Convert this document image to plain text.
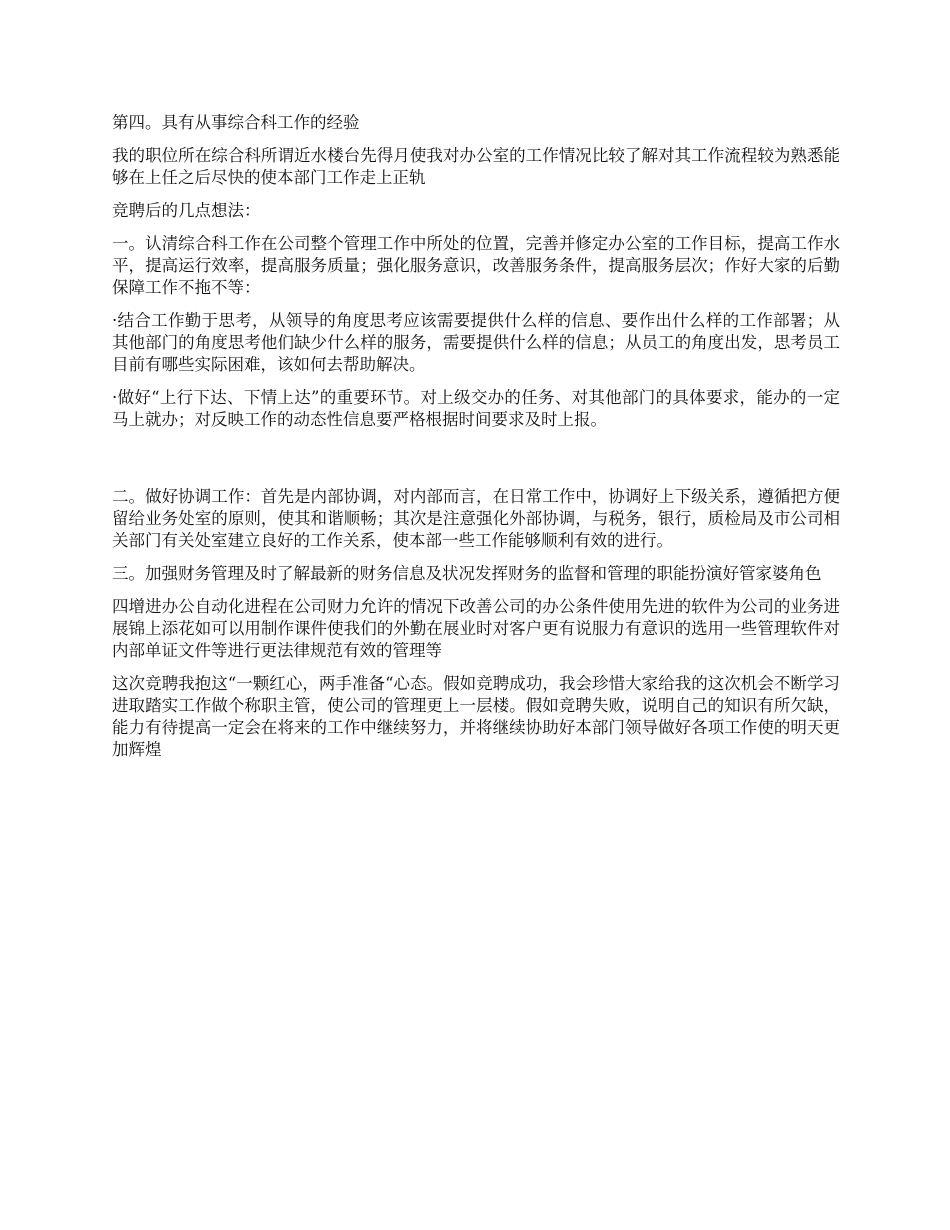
第四。具有从事综合科工作的经验

我的职位所在综合科所谓近水楼台先得月使我对办公室的工作情况比较了解对其工作流程较为熟悉能够在上任之后尽快的使本部门工作走上正轨

竞聘后的几点想法：

一。认清综合科工作在公司整个管理工作中所处的位置，完善并修定办公室的工作目标，提高工作水平，提高运行效率，提高服务质量；强化服务意识，改善服务条件，提高服务层次；作好大家的后勤保障工作不拖不等：

·结合工作勤于思考，从领导的角度思考应该需要提供什么样的信息、要作出什么样的工作部署；从其他部门的角度思考他们缺少什么样的服务，需要提供什么样的信息；从员工的角度出发，思考员工目前有哪些实际困难，该如何去帮助解决。

·做好“上行下达、下情上达”的重要环节。对上级交办的任务、对其他部门的具体要求，能办的一定马上就办；对反映工作的动态性信息要严格根据时间要求及时上报。

二。做好协调工作：首先是内部协调，对内部而言，在日常工作中，协调好上下级关系，遵循把方便留给业务处室的原则，使其和谐顺畅；其次是注意强化外部协调，与税务，银行，质检局及市公司相关部门有关处室建立良好的工作关系，使本部一些工作能够顺利有效的进行。

三。加强财务管理及时了解最新的财务信息及状况发挥财务的监督和管理的职能扮演好管家婆角色

四增进办公自动化进程在公司财力允许的情况下改善公司的办公条件使用先进的软件为公司的业务进展锦上添花如可以用制作课件使我们的外勤在展业时对客户更有说服力有意识的选用一些管理软件对内部单证文件等进行更法律规范有效的管理等

这次竞聘我抱这“一颗红心，两手准备“心态。假如竞聘成功，我会珍惜大家给我的这次机会不断学习进取踏实工作做个称职主管，使公司的管理更上一层楼。假如竞聘失败，说明自己的知识有所欠缺，能力有待提高一定会在将来的工作中继续努力，并将继续协助好本部门领导做好各项工作使的明天更加辉煌
